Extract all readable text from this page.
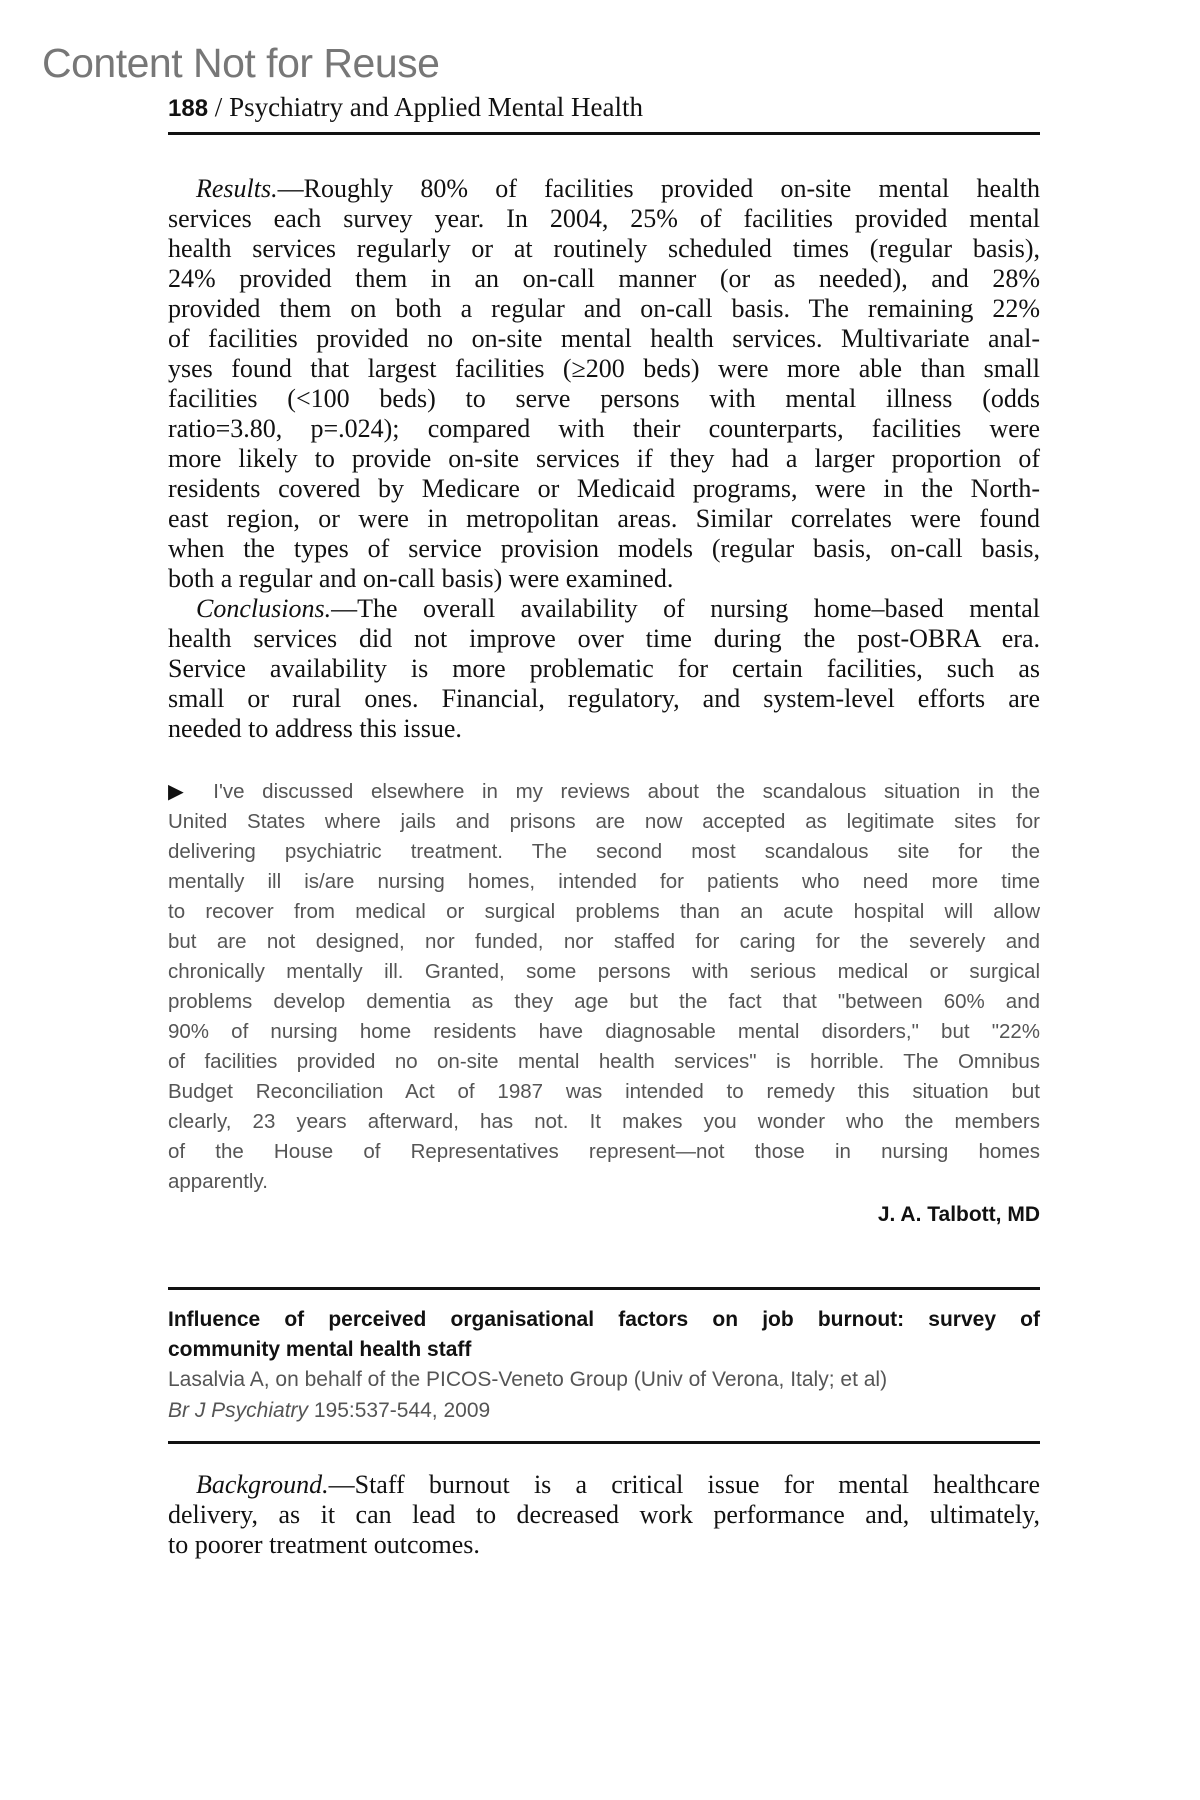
Content Not for Reuse
188 / Psychiatry and Applied Mental Health
Results.—Roughly 80% of facilities provided on-site mental health
services each survey year. In 2004, 25% of facilities provided mental
health services regularly or at routinely scheduled times (regular basis),
24% provided them in an on-call manner (or as needed), and 28%
provided them on both a regular and on-call basis. The remaining 22%
of facilities provided no on-site mental health services. Multivariate anal-
yses found that largest facilities (≥200 beds) were more able than small
facilities (<100 beds) to serve persons with mental illness (odds
ratio=3.80, p=.024); compared with their counterparts, facilities were
more likely to provide on-site services if they had a larger proportion of
residents covered by Medicare or Medicaid programs, were in the North-
east region, or were in metropolitan areas. Similar correlates were found
when the types of service provision models (regular basis, on-call basis,
both a regular and on-call basis) were examined.
Conclusions.—The overall availability of nursing home–based mental
health services did not improve over time during the post-OBRA era.
Service availability is more problematic for certain facilities, such as
small or rural ones. Financial, regulatory, and system-level efforts are
needed to address this issue.
▶ I've discussed elsewhere in my reviews about the scandalous situation in the
United States where jails and prisons are now accepted as legitimate sites for
delivering psychiatric treatment. The second most scandalous site for the
mentally ill is/are nursing homes, intended for patients who need more time
to recover from medical or surgical problems than an acute hospital will allow
but are not designed, nor funded, nor staffed for caring for the severely and
chronically mentally ill. Granted, some persons with serious medical or surgical
problems develop dementia as they age but the fact that "between 60% and
90% of nursing home residents have diagnosable mental disorders," but "22%
of facilities provided no on-site mental health services" is horrible. The Omnibus
Budget Reconciliation Act of 1987 was intended to remedy this situation but
clearly, 23 years afterward, has not. It makes you wonder who the members
of the House of Representatives represent—not those in nursing homes
apparently.
J. A. Talbott, MD
Influence of perceived organisational factors on job burnout: survey of
community mental health staff
Lasalvia A, on behalf of the PICOS-Veneto Group (Univ of Verona, Italy; et al)
Br J Psychiatry 195:537-544, 2009
Background.—Staff burnout is a critical issue for mental healthcare
delivery, as it can lead to decreased work performance and, ultimately,
to poorer treatment outcomes.
